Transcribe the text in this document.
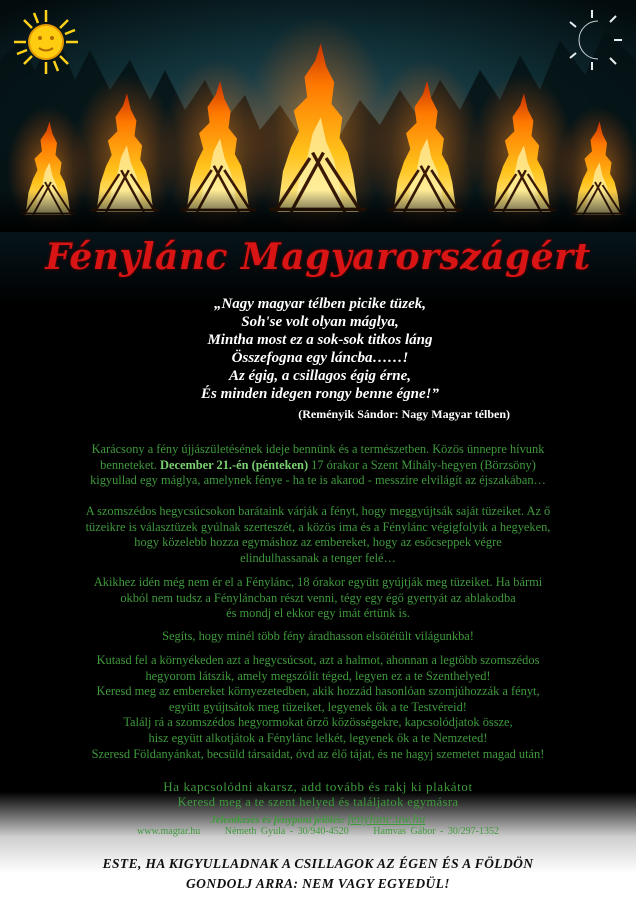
Fénylánc Magyarországért
„Nagy magyar télben picike tüzek,
Soh'se volt olyan máglya,
Mintha most ez a sok-sok titkos láng
Összefogna egy láncba……!
Az égig, a csillagos égig érne,
És minden idegen rongy benne égne!”
(Reményik Sándor: Nagy Magyar télben)
Karácsony a fény újjászületésének ideje bennünk és a természetben. Közös ünnepre hívunk
benneteket. December 21.-én (pénteken) 17 órakor a Szent Mihály-hegyen (Börzsöny)
kigyullad egy máglya, amelynek fénye - ha te is akarod - messzire elvilágít az éjszakában…
A szomszédos hegycsúcsokon barátaink várják a fényt, hogy meggyújtsák saját tüzeiket. Az ő
tüzeikre is választüzek gyúlnak szerteszét, a közös ima és a Fénylánc végigfolyik a hegyeken,
hogy közelebb hozza egymáshoz az embereket, hogy az esőcseppek végre
elindulhassanak a tenger felé…
Akikhez idén még nem ér el a Fénylánc, 18 órakor együtt gyújtják meg tüzeiket. Ha bármi
okból nem tudsz a Fényláncban részt venni, tégy egy égő gyertyát az ablakodba
és mondj el ekkor egy imát értünk is.
Segíts, hogy minél több fény áradhasson elsötétült világunkba!
Kutasd fel a környékeden azt a hegycsúcsot, azt a halmot, ahonnan a legtöbb szomszédos
hegyorom látszik, amely megszólít téged, legyen ez a te Szenthelyed!
Keresd meg az embereket környezetedben, akik hozzád hasonlóan szomjúhozzák a fényt,
együtt gyújtsátok meg tüzeiket, legyenek ők a te Testvéreid!
Találj rá a szomszédos hegyormokat őrző közösségekre, kapcsolódjatok össze,
hisz együtt alkotjátok a Fénylánc lelkét, legyenek ők a te Nemzeted!
Szeresd Földanyánkat, becsüld társaidat, óvd az élő tájat, és ne hagyj szemetet magad után!
Ha kapcsolódni akarsz, add tovább és rakj ki plakátot
Keresd meg a te szent helyed és találjatok egymásra
Jelentkezés és fénypont jelölés: fenylanc.uw.hu
www.magtar.hu Németh Gyula - 30/940-4520 Hamvas Gábor - 30/297-1352
ESTE, HA KIGYULLADNAK A CSILLAGOK AZ ÉGEN ÉS A FÖLDÖN
GONDOLJ ARRA: NEM VAGY EGYEDÜL!
